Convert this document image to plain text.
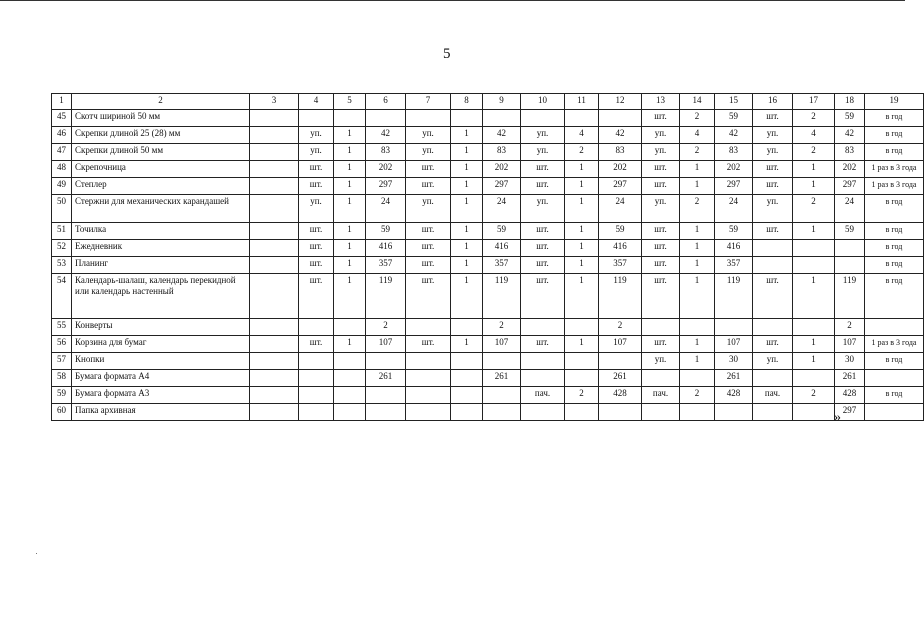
5
1	2	3	4	5	6	7	8	9	10	11	12	13	14	15	16	17	18	19
45	Скотч шириной 50 мм											шт.	2	59	шт.	2	59	в год
46	Скрепки длиной 25 (28) мм		уп.	1	42	уп.	1	42	уп.	4	42	уп.	4	42	уп.	4	42	в год
47	Скрепки длиной 50 мм		уп.	1	83	уп.	1	83	уп.	2	83	уп.	2	83	уп.	2	83	в год
48	Скрепочница		шт.	1	202	шт.	1	202	шт.	1	202	шт.	1	202	шт.	1	202	1 раз в 3 года
49	Степлер		шт.	1	297	шт.	1	297	шт.	1	297	шт.	1	297	шт.	1	297	1 раз в 3 года
50	Стержни для механических карандашей		уп.	1	24	уп.	1	24	уп.	1	24	уп.	2	24	уп.	2	24	в год
51	Точилка		шт.	1	59	шт.	1	59	шт.	1	59	шт.	1	59	шт.	1	59	в год
52	Ежедневник		шт.	1	416	шт.	1	416	шт.	1	416	шт.	1	416				в год
53	Планинг		шт.	1	357	шт.	1	357	шт.	1	357	шт.	1	357				в год
54	Календарь-шалаш, календарь перекидной или календарь настенный		шт.	1	119	шт.	1	119	шт.	1	119	шт.	1	119	шт.	1	119	в год
55	Конверты				2			2			2						2	
56	Корзина для бумаг		шт.	1	107	шт.	1	107	шт.	1	107	шт.	1	107	шт.	1	107	1 раз в 3 года
57	Кнопки											уп.	1	30	уп.	1	30	в год
58	Бумага формата А4				261			261			261			261			261	
59	Бумага формата А3								пач.	2	428	пач.	2	428	пач.	2	428	в год
60	Папка архивная																297	
»
